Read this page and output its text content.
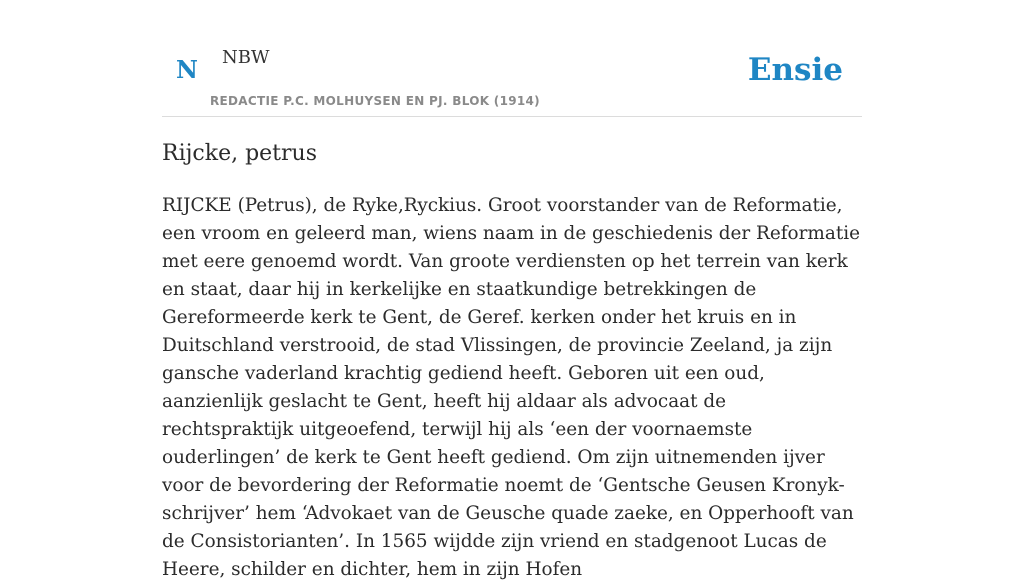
N NBW
REDACTIE P.C. MOLHUYSEN EN PJ. BLOK (1914)
Ensie
Rijcke, petrus

RIJCKE (Petrus), de Ryke,Ryckius. Groot voorstander van de Reformatie, een vroom en geleerd man, wiens naam in de geschiedenis der Reformatie met eere genoemd wordt. Van groote verdiensten op het terrein van kerk en staat, daar hij in kerkelijke en staatkundige betrekkingen de Gereformeerde kerk te Gent, de Geref. kerken onder het kruis en in Duitschland verstrooid, de stad Vlissingen, de provincie Zeeland, ja zijn gansche vaderland krachtig gediend heeft. Geboren uit een oud, aanzienlijk geslacht te Gent, heeft hij aldaar als advocaat de rechtspraktijk uitgeoefend, terwijl hij als ‘een der voornaemste ouderlingen’ de kerk te Gent heeft gediend. Om zijn uitnemenden ijver voor de bevordering der Reformatie noemt de ‘Gentsche Geusen Kronyk-schrijver’ hem ‘Advokaet van de Geusche quade zaeke, en Opperhooft van de Consistorianten’. In 1565 wijdde zijn vriend en stadgenoot Lucas de Heere, schilder en dichter, hem in zijn Hofen
